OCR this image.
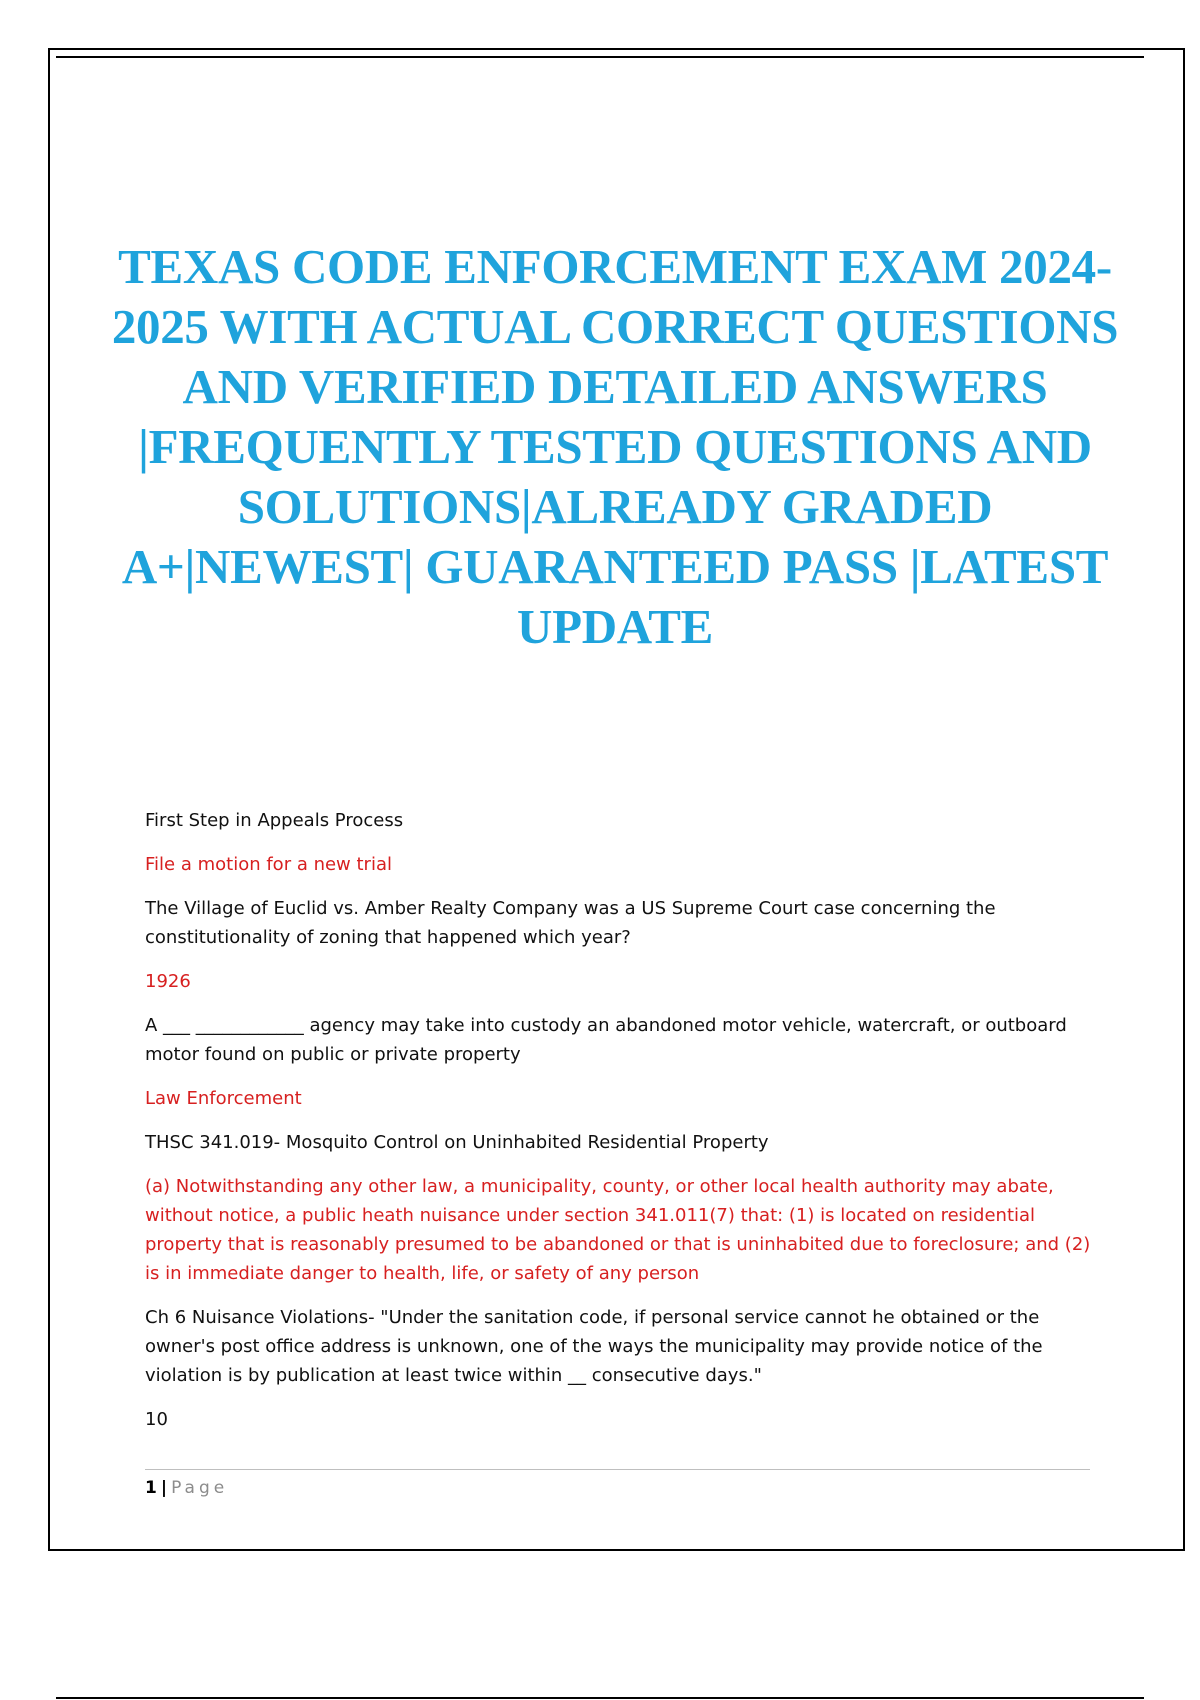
TEXAS CODE ENFORCEMENT EXAM 2024-2025 WITH ACTUAL CORRECT QUESTIONS AND VERIFIED DETAILED ANSWERS |FREQUENTLY TESTED QUESTIONS AND SOLUTIONS|ALREADY GRADED A+|NEWEST| GUARANTEED PASS |LATEST UPDATE
First Step in Appeals Process
File a motion for a new trial
The Village of Euclid vs. Amber Realty Company was a US Supreme Court case concerning the constitutionality of zoning that happened which year?
1926
A ___ ____________ agency may take into custody an abandoned motor vehicle, watercraft, or outboard motor found on public or private property
Law Enforcement
THSC 341.019- Mosquito Control on Uninhabited Residential Property
(a) Notwithstanding any other law, a municipality, county, or other local health authority may abate, without notice, a public heath nuisance under section 341.011(7) that: (1) is located on residential property that is reasonably presumed to be abandoned or that is uninhabited due to foreclosure; and (2) is in immediate danger to health, life, or safety of any person
Ch 6 Nuisance Violations- "Under the sanitation code, if personal service cannot he obtained or the owner's post office address is unknown, one of the ways the municipality may provide notice of the violation is by publication at least twice within __ consecutive days."
10
1 | Page
